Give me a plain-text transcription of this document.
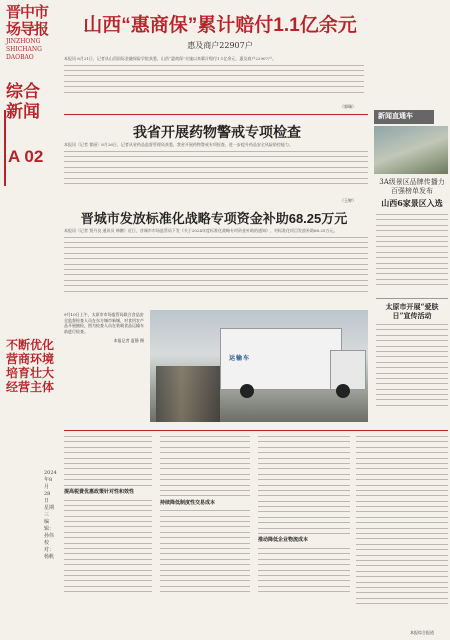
晋中市场导报
JINZHONG SHICHANG DAOBAO
综合新闻
A 02
不断优化营商环境 培育壮大经营主体
2024年8月28日 星期三 编辑：孙伟 校对：杨帆
山西“惠商保”累计赔付1.1亿余元
惠及商户22907户
本报讯 8月21日，记者从山西国际金融保险学院获悉，山西“惠商保”实施以来累计赔付1.1亿余元，惠及商户22907户。
（郭瑞）
我省开展药物警戒专项检查
本报讯（记者 翟丽）8月26日，记者从省药品监督管理局获悉，我省开展药物警戒专项检查，进一步提升药品安全风险防控能力。
（王婷）
晋城市发放标准化战略专项资金补助68.25万元
本报讯（记者 贾丹良 通讯员 韩鹏）近日，晋城市市场监管局下发《关于2024年度标准化战略专项资金补助的通知》，对标准化项目发放补助68.25万元。
9月10日上午，太原市市场监管局联合食品安全监督检查人员在东方城市新城，对食用农产品开展抽检。图为检查人员在装载食品运输车前进行检查。
本报记者 夏静 摄
运输车
新闻直通车
3A级景区品牌传播力百强榜单发布
山西6家景区入选
太原市开展“爱肤日”宣传活动
提高税费优惠政策针对性和效性
持续降低制度性交易成本
推动降低企业物流成本
本报综合报道
